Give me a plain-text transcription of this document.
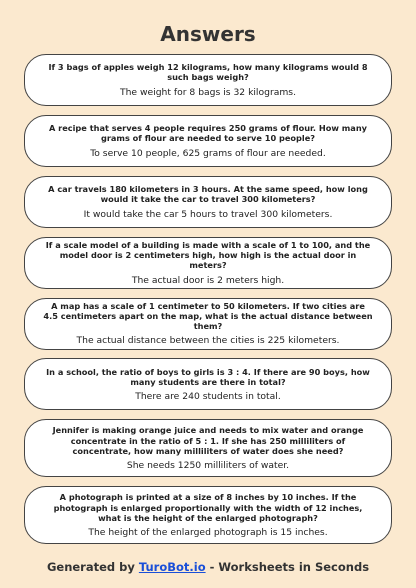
Answers

If 3 bags of apples weigh 12 kilograms, how many kilograms would 8 such bags weigh?

The weight for 8 bags is 32 kilograms.

A recipe that serves 4 people requires 250 grams of flour. How many grams of flour are needed to serve 10 people?

To serve 10 people, 625 grams of flour are needed.

A car travels 180 kilometers in 3 hours. At the same speed, how long would it take the car to travel 300 kilometers?

It would take the car 5 hours to travel 300 kilometers.

If a scale model of a building is made with a scale of 1 to 100, and the model door is 2 centimeters high, how high is the actual door in meters?

The actual door is 2 meters high.

A map has a scale of 1 centimeter to 50 kilometers. If two cities are 4.5 centimeters apart on the map, what is the actual distance between them?

The actual distance between the cities is 225 kilometers.

In a school, the ratio of boys to girls is 3 : 4. If there are 90 boys, how many students are there in total?

There are 240 students in total.

Jennifer is making orange juice and needs to mix water and orange concentrate in the ratio of 5 : 1. If she has 250 milliliters of concentrate, how many milliliters of water does she need?

She needs 1250 milliliters of water.

A photograph is printed at a size of 8 inches by 10 inches. If the photograph is enlarged proportionally with the width of 12 inches, what is the height of the enlarged photograph?

The height of the enlarged photograph is 15 inches.

Generated by TuroBot.io - Worksheets in Seconds
